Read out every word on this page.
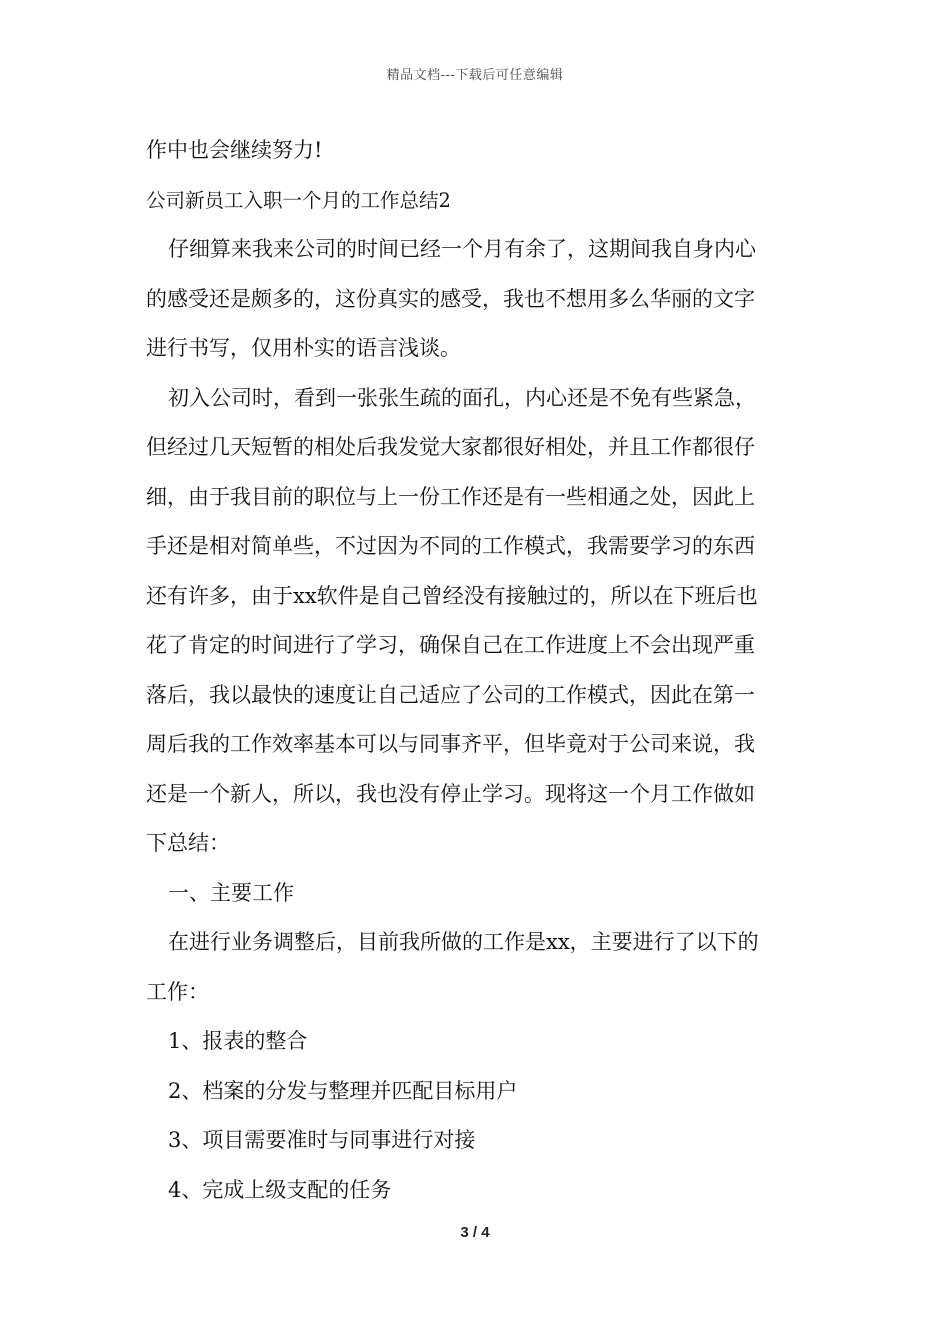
精品文档---下载后可任意编辑
作中也会继续努力!
公司新员工入职一个月的工作总结2
仔细算来我来公司的时间已经一个月有余了，这期间我自身内心
的感受还是颇多的，这份真实的感受，我也不想用多么华丽的文字
进行书写，仅用朴实的语言浅谈。
初入公司时，看到一张张生疏的面孔，内心还是不免有些紧急，
但经过几天短暂的相处后我发觉大家都很好相处，并且工作都很仔
细，由于我目前的职位与上一份工作还是有一些相通之处，因此上
手还是相对简单些，不过因为不同的工作模式，我需要学习的东西
还有许多，由于xx软件是自己曾经没有接触过的，所以在下班后也
花了肯定的时间进行了学习，确保自己在工作进度上不会出现严重
落后，我以最快的速度让自己适应了公司的工作模式，因此在第一
周后我的工作效率基本可以与同事齐平，但毕竟对于公司来说，我
还是一个新人，所以，我也没有停止学习。现将这一个月工作做如
下总结：
一、主要工作
在进行业务调整后，目前我所做的工作是xx，主要进行了以下的
工作：
1、报表的整合
2、档案的分发与整理并匹配目标用户
3、项目需要准时与同事进行对接
4、完成上级支配的任务
3 / 4
